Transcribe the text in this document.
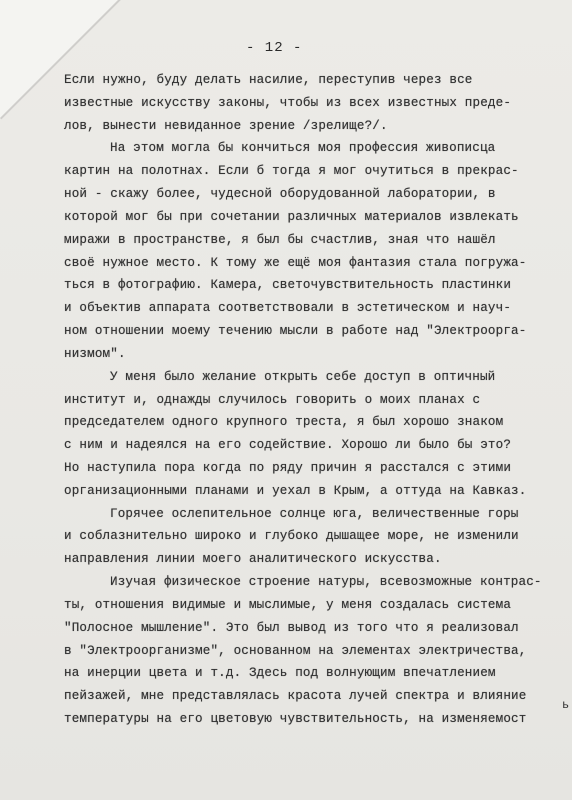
- 12 -
Если нужно, буду делать насилие, переступив через все
известные искусству законы, чтобы из всех известных преде-
лов, вынести невиданное зрение /зрелище?/.
На этом могла бы кончиться моя профессия живописца
картин на полотнах. Если б тогда я мог очутиться в прекрас-
ной - скажу более, чудесной оборудованной лаборатории, в
которой мог бы при сочетании различных материалов извлекать
миражи в пространстве, я был бы счастлив, зная что нашёл
своё нужное место. К тому же ещё моя фантазия стала погружа-
ться в фотографию. Камера, светочувствительность пластинки
и объектив аппарата соответствовали в эстетическом и науч-
ном отношении моему течению мысли в работе над "Электроорга-
низмом".
У меня было желание открыть себе доступ в оптичный
институт и, однажды случилось говорить о моих планах с
председателем одного крупного треста, я был хорошо знаком
с ним и надеялся на его содействие. Хорошо ли было бы это?
Но наступила пора когда по ряду причин я расстался с этими
организационными планами и уехал в Крым, а оттуда на Кавказ.
Горячее ослепительное солнце юга, величественные горы
и соблазнительно широко и глубоко дышащее море, не изменили
направления линии моего аналитического искусства.
Изучая физическое строение натуры, всевозможные контрас-
ты, отношения видимые и мыслимые, у меня создалась система
"Полосное мышление". Это был вывод из того что я реализовал
в "Электроорганизме", основанном на элементах электричества,
на инерции цвета и т.д. Здесь под волнующим впечатлением
пейзажей, мне представлялась красота лучей спектра и влияние
температуры на его цветовую чувствительность, на изменяемост
ь
